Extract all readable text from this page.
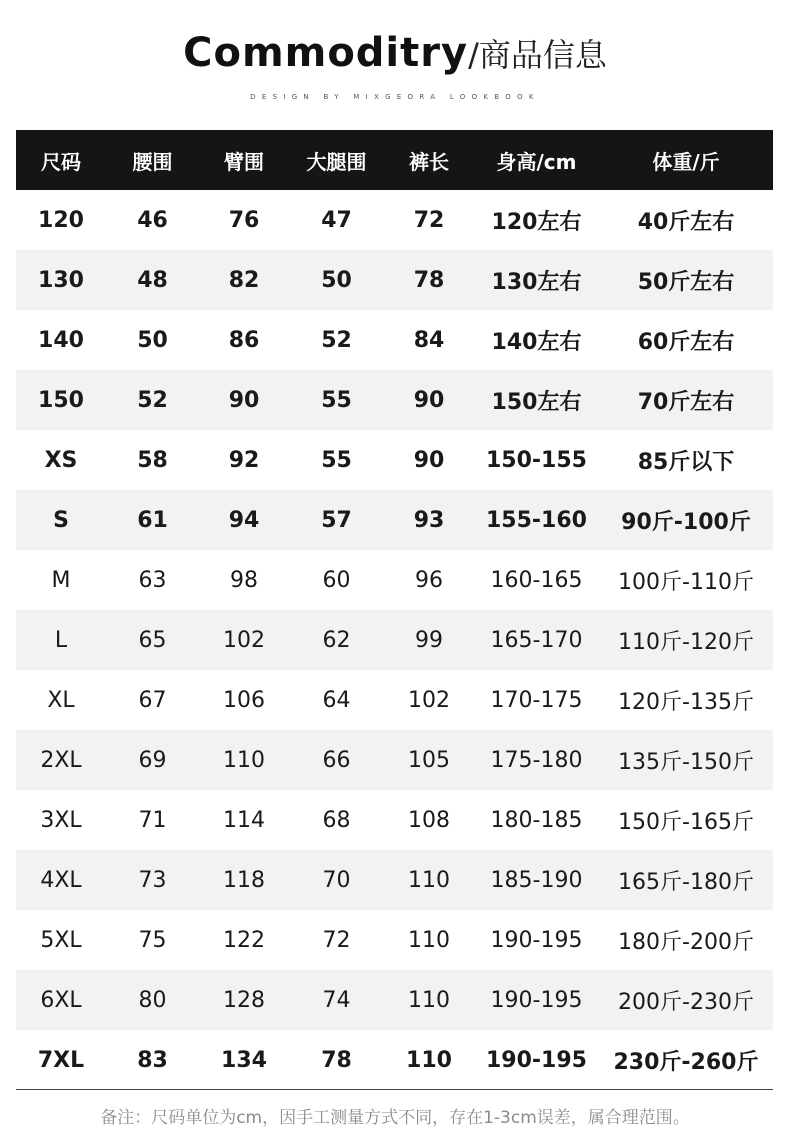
Commoditry/商品信息
DESIGN BY MIXGEORA LOOKBOOK
尺码	腰围	臂围	大腿围	裤长	身高/cm	体重/斤
120	46	76	47	72	120左右	40斤左右
130	48	82	50	78	130左右	50斤左右
140	50	86	52	84	140左右	60斤左右
150	52	90	55	90	150左右	70斤左右
XS	58	92	55	90	150-155	85斤以下
S	61	94	57	93	155-160	90斤-100斤
M	63	98	60	96	160-165	100斤-110斤
L	65	102	62	99	165-170	110斤-120斤
XL	67	106	64	102	170-175	120斤-135斤
2XL	69	110	66	105	175-180	135斤-150斤
3XL	71	114	68	108	180-185	150斤-165斤
4XL	73	118	70	110	185-190	165斤-180斤
5XL	75	122	72	110	190-195	180斤-200斤
6XL	80	128	74	110	190-195	200斤-230斤
7XL	83	134	78	110	190-195	230斤-260斤
备注：尺码单位为cm，因手工测量方式不同，存在1-3cm误差，属合理范围。
